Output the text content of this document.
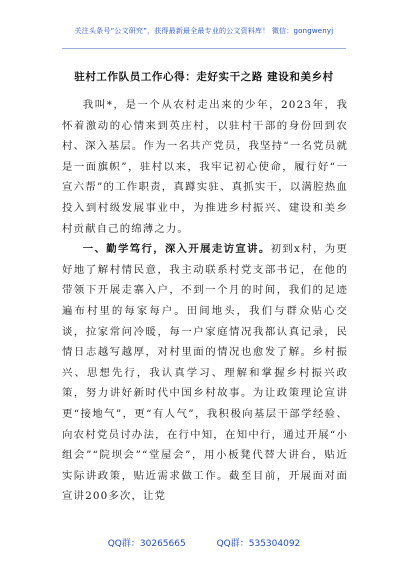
关注头条号“公文研究”，获得最新最全最专业的公文资料库！ 微信：gongwenyj
驻村工作队员工作心得：走好实干之路 建设和美乡村

我叫*，是一个从农村走出来的少年，2023年，我怀着激动的心情来到英庄村，以驻村干部的身份回到农村、深入基层。作为一名共产党员，我坚持“一名党员就是一面旗帜”，驻村以来，我牢记初心使命，履行好“一宣六帮”的工作职责，真蹲实驻、真抓实干，以满腔热血投入到村级发展事业中，为推进乡村振兴、建设和美乡村贡献自己的绵薄之力。

一、勤学笃行，深入开展走访宣讲。初到x村，为更好地了解村情民意，我主动联系村党支部书记，在他的带领下开展走寨入户，不到一个月的时间，我们的足迹遍布村里的每家每户。田间地头，我们与群众贴心交谈，拉家常问冷暖，每一户家庭情况我都认真记录，民情日志越写越厚，对村里面的情况也愈发了解。乡村振兴、思想先行，我认真学习、理解和掌握乡村振兴政策，努力讲好新时代中国乡村故事。为让政策理论宣讲更“接地气”，更“有人气”，我积极向基层干部学经验、向农村党员讨办法，在行中知，在知中行，通过开展“小组会”“院坝会”“堂屋会”，用小板凳代替大讲台，贴近实际讲政策，贴近需求做工作。截至目前，开展面对面宣讲200多次，让党

QQ群：30265665	QQ群：535304092
